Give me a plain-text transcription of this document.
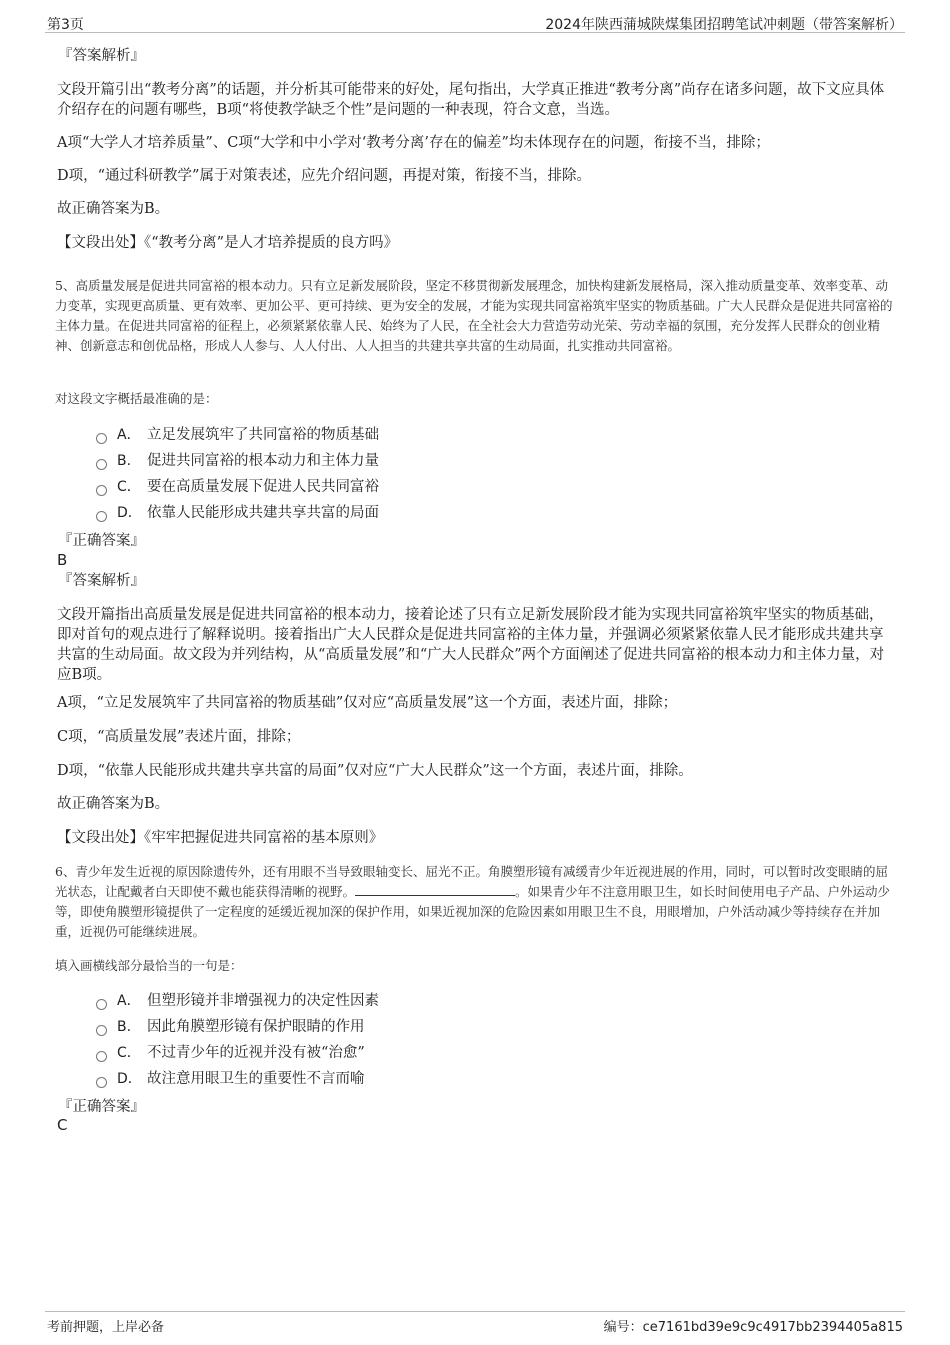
第3页	2024年陕西蒲城陕煤集团招聘笔试冲刺题（带答案解析）
『答案解析』
文段开篇引出“教考分离”的话题，并分析其可能带来的好处，尾句指出，大学真正推进“教考分离”尚存在诸多问题，故下文应具体介绍存在的问题有哪些，B项“将使教学缺乏个性”是问题的一种表现，符合文意，当选。
A项“大学人才培养质量”、C项“大学和中小学对‘教考分离’存在的偏差”均未体现存在的问题，衔接不当，排除；
D项，“通过科研教学”属于对策表述，应先介绍问题，再提对策，衔接不当，排除。
故正确答案为B。
【文段出处】《“教考分离”是人才培养提质的良方吗》
5、高质量发展是促进共同富裕的根本动力。只有立足新发展阶段，坚定不移贯彻新发展理念，加快构建新发展格局，深入推动质量变革、效率变革、动力变革，实现更高质量、更有效率、更加公平、更可持续、更为安全的发展，才能为实现共同富裕筑牢坚实的物质基础。广大人民群众是促进共同富裕的主体力量。在促进共同富裕的征程上，必须紧紧依靠人民、始终为了人民，在全社会大力营造劳动光荣、劳动幸福的氛围，充分发挥人民群众的创业精神、创新意志和创优品格，形成人人参与、人人付出、人人担当的共建共享共富的生动局面，扎实推动共同富裕。
对这段文字概括最准确的是：
A． 立足发展筑牢了共同富裕的物质基础
B.	促进共同富裕的根本动力和主体力量
C． 要在高质量发展下促进人民共同富裕
D． 依靠人民能形成共建共享共富的局面
『正确答案』
B
『答案解析』
文段开篇指出高质量发展是促进共同富裕的根本动力，接着论述了只有立足新发展阶段才能为实现共同富裕筑牢坚实的物质基础，即对首句的观点进行了解释说明。接着指出广大人民群众是促进共同富裕的主体力量，并强调必须紧紧依靠人民才能形成共建共享共富的生动局面。故文段为并列结构，从“高质量发展”和“广大人民群众”两个方面阐述了促进共同富裕的根本动力和主体力量，对应B项。
A项，“立足发展筑牢了共同富裕的物质基础”仅对应“高质量发展”这一个方面，表述片面，排除；
C项，“高质量发展”表述片面，排除；
D项，“依靠人民能形成共建共享共富的局面”仅对应“广大人民群众”这一个方面，表述片面，排除。
故正确答案为B。
【文段出处】《牢牢把握促进共同富裕的基本原则》
6、青少年发生近视的原因除遗传外，还有用眼不当导致眼轴变长、屈光不正。角膜塑形镜有减缓青少年近视进展的作用，同时，可以暂时改变眼睛的屈光状态，让配戴者白天即使不戴也能获得清晰的视野。	。如果青少年不注意用眼卫生，如长时间使用电子产品、户外运动少等，即使角膜塑形镜提供了一定程度的延缓近视加深的保护作用，如果近视加深的危险因素如用眼卫生不良，用眼增加，户外活动减少等持续存在并加重，近视仍可能继续进展。
填入画横线部分最恰当的一句是：
A． 但塑形镜并非增强视力的决定性因素
B.	因此角膜塑形镜有保护眼睛的作用
C． 不过青少年的近视并没有被“治愈”
D． 故注意用眼卫生的重要性不言而喻
『正确答案』
C
考前押题，上岸必备	编号：ce7161bd39e9c9c4917bb2394405a815
